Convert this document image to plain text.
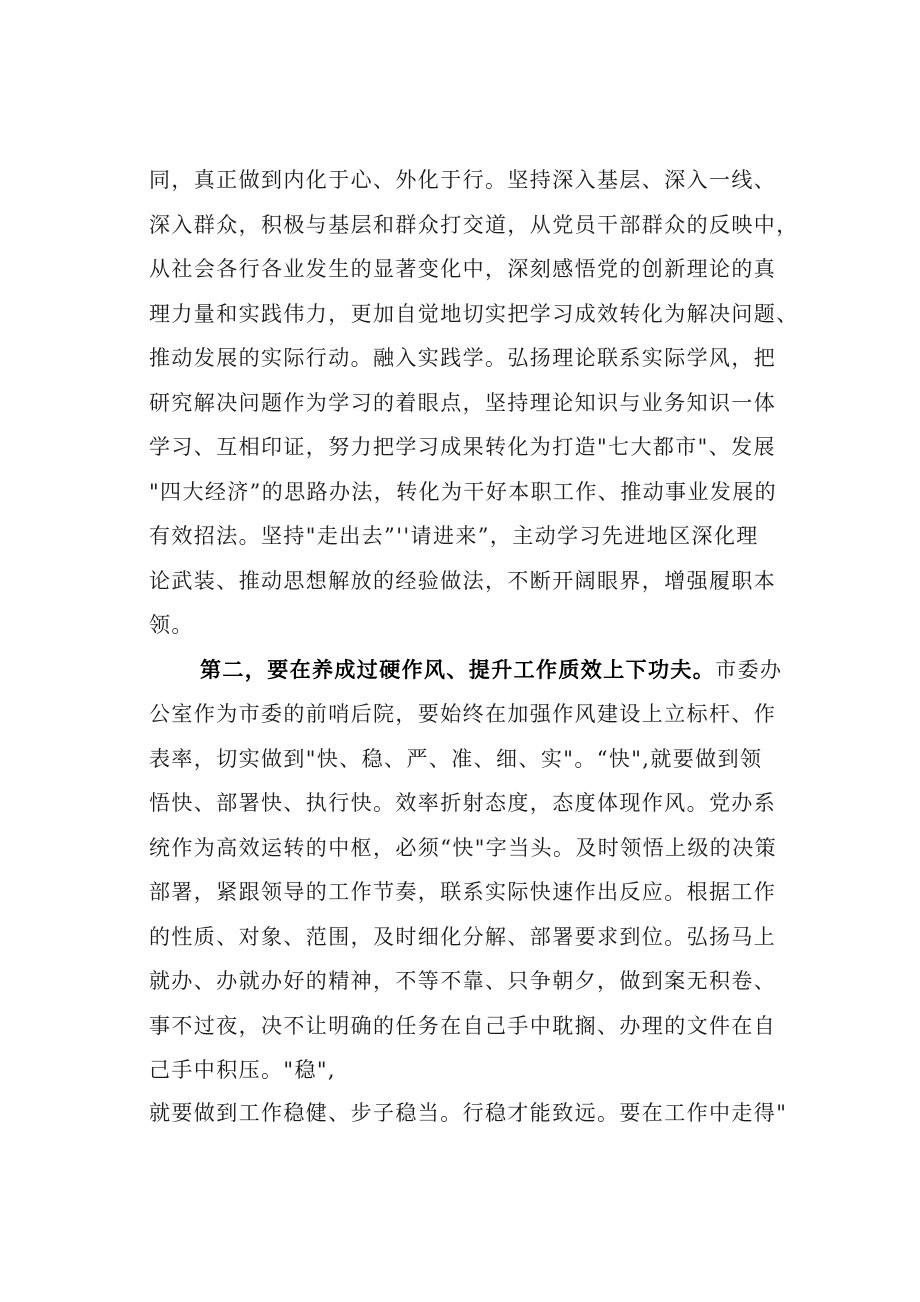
同，真正做到内化于心、外化于行。坚持深入基层、深入一线、

深入群众，积极与基层和群众打交道，从党员干部群众的反映中，

从社会各行各业发生的显著变化中，深刻感悟党的创新理论的真

理力量和实践伟力，更加自觉地切实把学习成效转化为解决问题、

推动发展的实际行动。融入实践学。弘扬理论联系实际学风，把

研究解决问题作为学习的着眼点，坚持理论知识与业务知识一体

学习、互相印证，努力把学习成果转化为打造"七大都市"、发展

"四大经济”的思路办法，转化为干好本职工作、推动事业发展的

有效招法。坚持"走出去”''请进来”，主动学习先进地区深化理

论武装、推动思想解放的经验做法，不断开阔眼界，增强履职本

领。

第二，要在养成过硬作风、提升工作质效上下功夫。市委办

公室作为市委的前哨后院，要始终在加强作风建设上立标杆、作

表率，切实做到"快、稳、严、准、细、实"。“快",就要做到领

悟快、部署快、执行快。效率折射态度，态度体现作风。党办系

统作为高效运转的中枢，必须“快"字当头。及时领悟上级的决策

部署，紧跟领导的工作节奏，联系实际快速作出反应。根据工作

的性质、对象、范围，及时细化分解、部署要求到位。弘扬马上

就办、办就办好的精神，不等不靠、只争朝夕，做到案无积卷、

事不过夜，决不让明确的任务在自己手中耽搁、办理的文件在自

己手中积压。"稳",

就要做到工作稳健、步子稳当。行稳才能致远。要在工作中走得"
